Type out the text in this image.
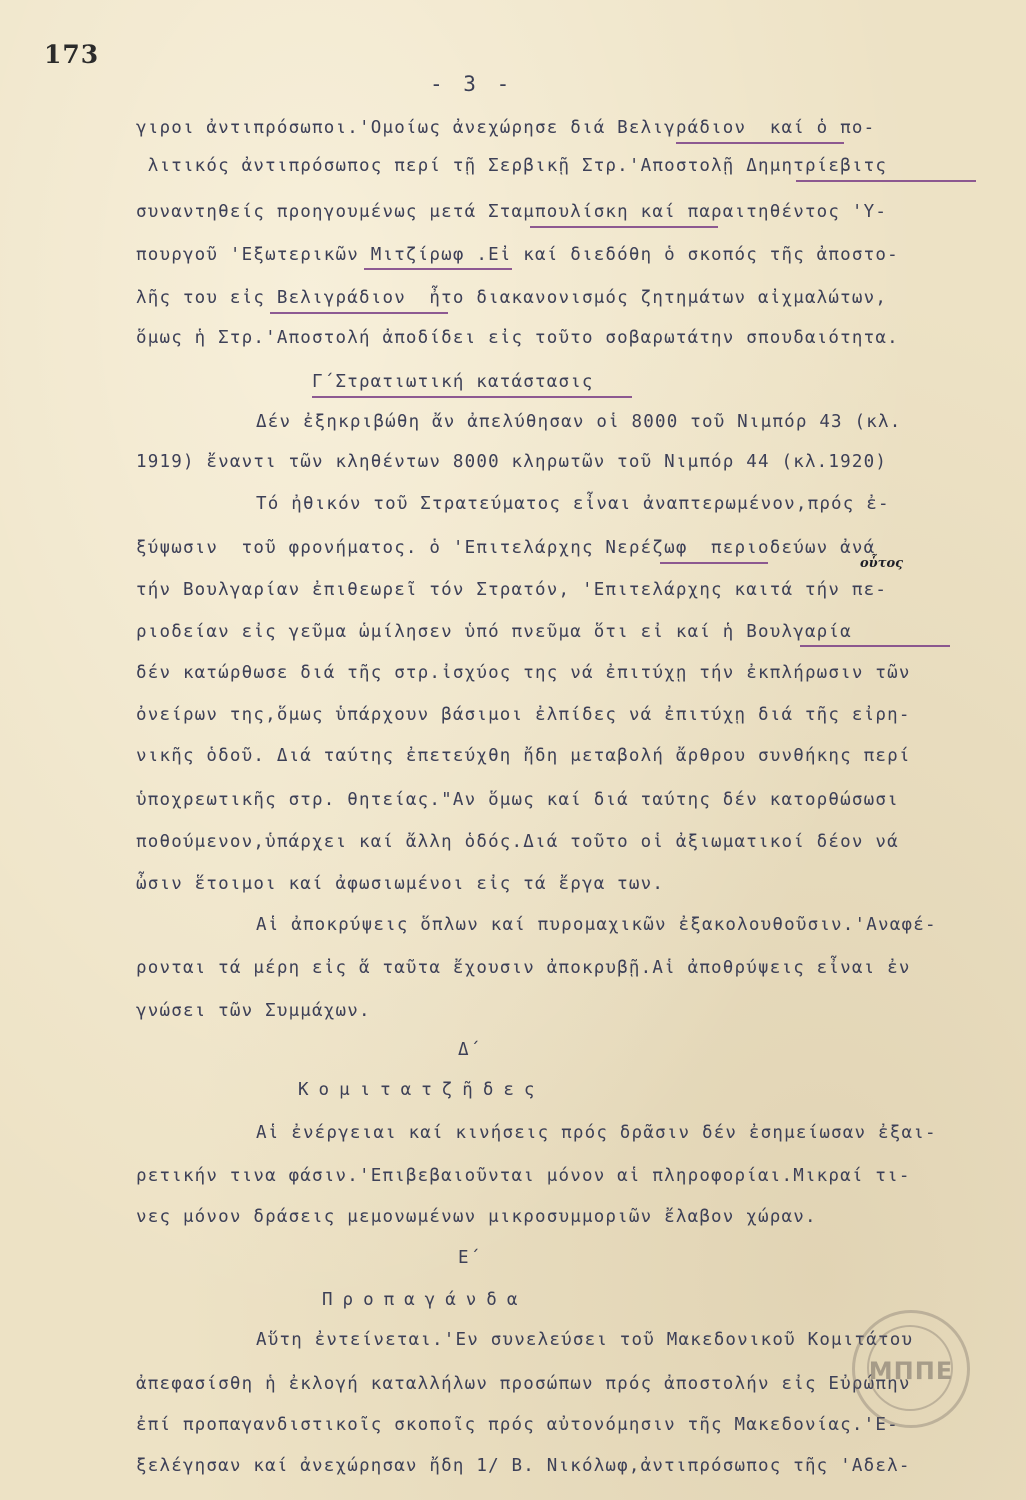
173
- 3 -
γιροι ἀντιπρόσωποι.'Ομοίως ἀνεχώρησε διά Βελιγράδιον  καί ὁ πο-
λιτικός ἀντιπρόσωπος περί τῇ Σερβικῇ Στρ.'Αποστολῇ Δημητρίεβιτς
συναντηθείς προηγουμένως μετά Σταμπουλίσκη καί παραιτηθέντος 'Υ-
πουργοῦ 'Εξωτερικῶν Μιτζίρωφ .Εἰ καί διεδόθη ὁ σκοπός τῆς ἀποστο-
λῆς του εἰς Βελιγράδιον  ἦτο διακανονισμός ζητημάτων αἰχμαλώτων,
ὅμως ἡ Στρ.'Αποστολή ἀποδίδει εἰς τοῦτο σοβαρωτάτην σπουδαιότητα.
Γ΄Στρατιωτική κατάστασις
Δέν ἐξηκριβώθη ἄν ἀπελύθησαν οἱ 8000 τοῦ Νιμπόρ 43 (κλ.
1919) ἔναντι τῶν κληθέντων 8000 κληρωτῶν τοῦ Νιμπόρ 44 (κλ.1920)
Τό ἠθικόν τοῦ Στρατεύματος εἶναι ἀναπτερωμένον,πρός ἐ-
ξύψωσιν  τοῦ φρονήματος. ὁ 'Επιτελάρχης Νερέζωφ  περιοδεύων ἀνά
τήν Βουλγαρίαν ἐπιθεωρεῖ τόν Στρατόν, 'Επιτελάρχης καιτά τήν πε-
ριοδείαν εἰς γεῦμα ὡμίλησεν ὑπό πνεῦμα ὅτι εἰ καί ἡ Βουλγαρία
δέν κατώρθωσε διά τῆς στρ.ἰσχύος της νά ἐπιτύχῃ τήν ἐκπλήρωσιν τῶν
ὀνείρων της,ὅμως ὑπάρχουν βάσιμοι ἐλπίδες νά ἐπιτύχῃ διά τῆς εἰρη-
νικῆς ὁδοῦ. Διά ταύτης ἐπετεύχθη ἤδη μεταβολή ἄρθρου συνθήκης περί
ὑποχρεωτικῆς στρ. θητείας."Αν ὅμως καί διά ταύτης δέν κατορθώσωσι
ποθούμενον,ὑπάρχει καί ἄλλη ὁδός.Διά τοῦτο οἱ ἀξιωματικοί δέον νά
ὦσιν ἕτοιμοι καί ἀφωσιωμένοι εἰς τά ἔργα των.
Αἱ ἀποκρύψεις ὅπλων καί πυρομαχικῶν ἐξακολουθοῦσιν.'Αναφέ-
ρονται τά μέρη εἰς ἅ ταῦτα ἔχουσιν ἀποκρυβῇ.Αἱ ἀποθρύψεις εἶναι ἐν
γνώσει τῶν Συμμάχων.
Δ΄
Κομιτατζῆδες
Αἱ ἐνέργειαι καί κινήσεις πρός δρᾶσιν δέν ἐσημείωσαν ἐξαι-
ρετικήν τινα φάσιν.'Επιβεβαιοῦνται μόνον αἱ πληροφορίαι.Μικραί τι-
νες μόνον δράσεις μεμονωμένων μικροσυμμοριῶν ἔλαβον χώραν.
Ε΄
Προπαγάνδα
Αὕτη ἐντείνεται.'Εν συνελεύσει τοῦ Μακεδονικοῦ Κομιτάτου
ἀπεφασίσθη ἡ ἐκλογή καταλλήλων προσώπων πρός ἀποστολήν εἰς Εὐρώπην
ἐπί προπαγανδιστικοῖς σκοποῖς πρός αὐτονόμησιν τῆς Μακεδονίας.'Ε-
ξελέγησαν καί ἀνεχώρησαν ἤδη 1/ Β. Νικόλωφ,ἀντιπρόσωπος τῆς 'Αδελ-
οὗτος
ΜΠΠΕ
